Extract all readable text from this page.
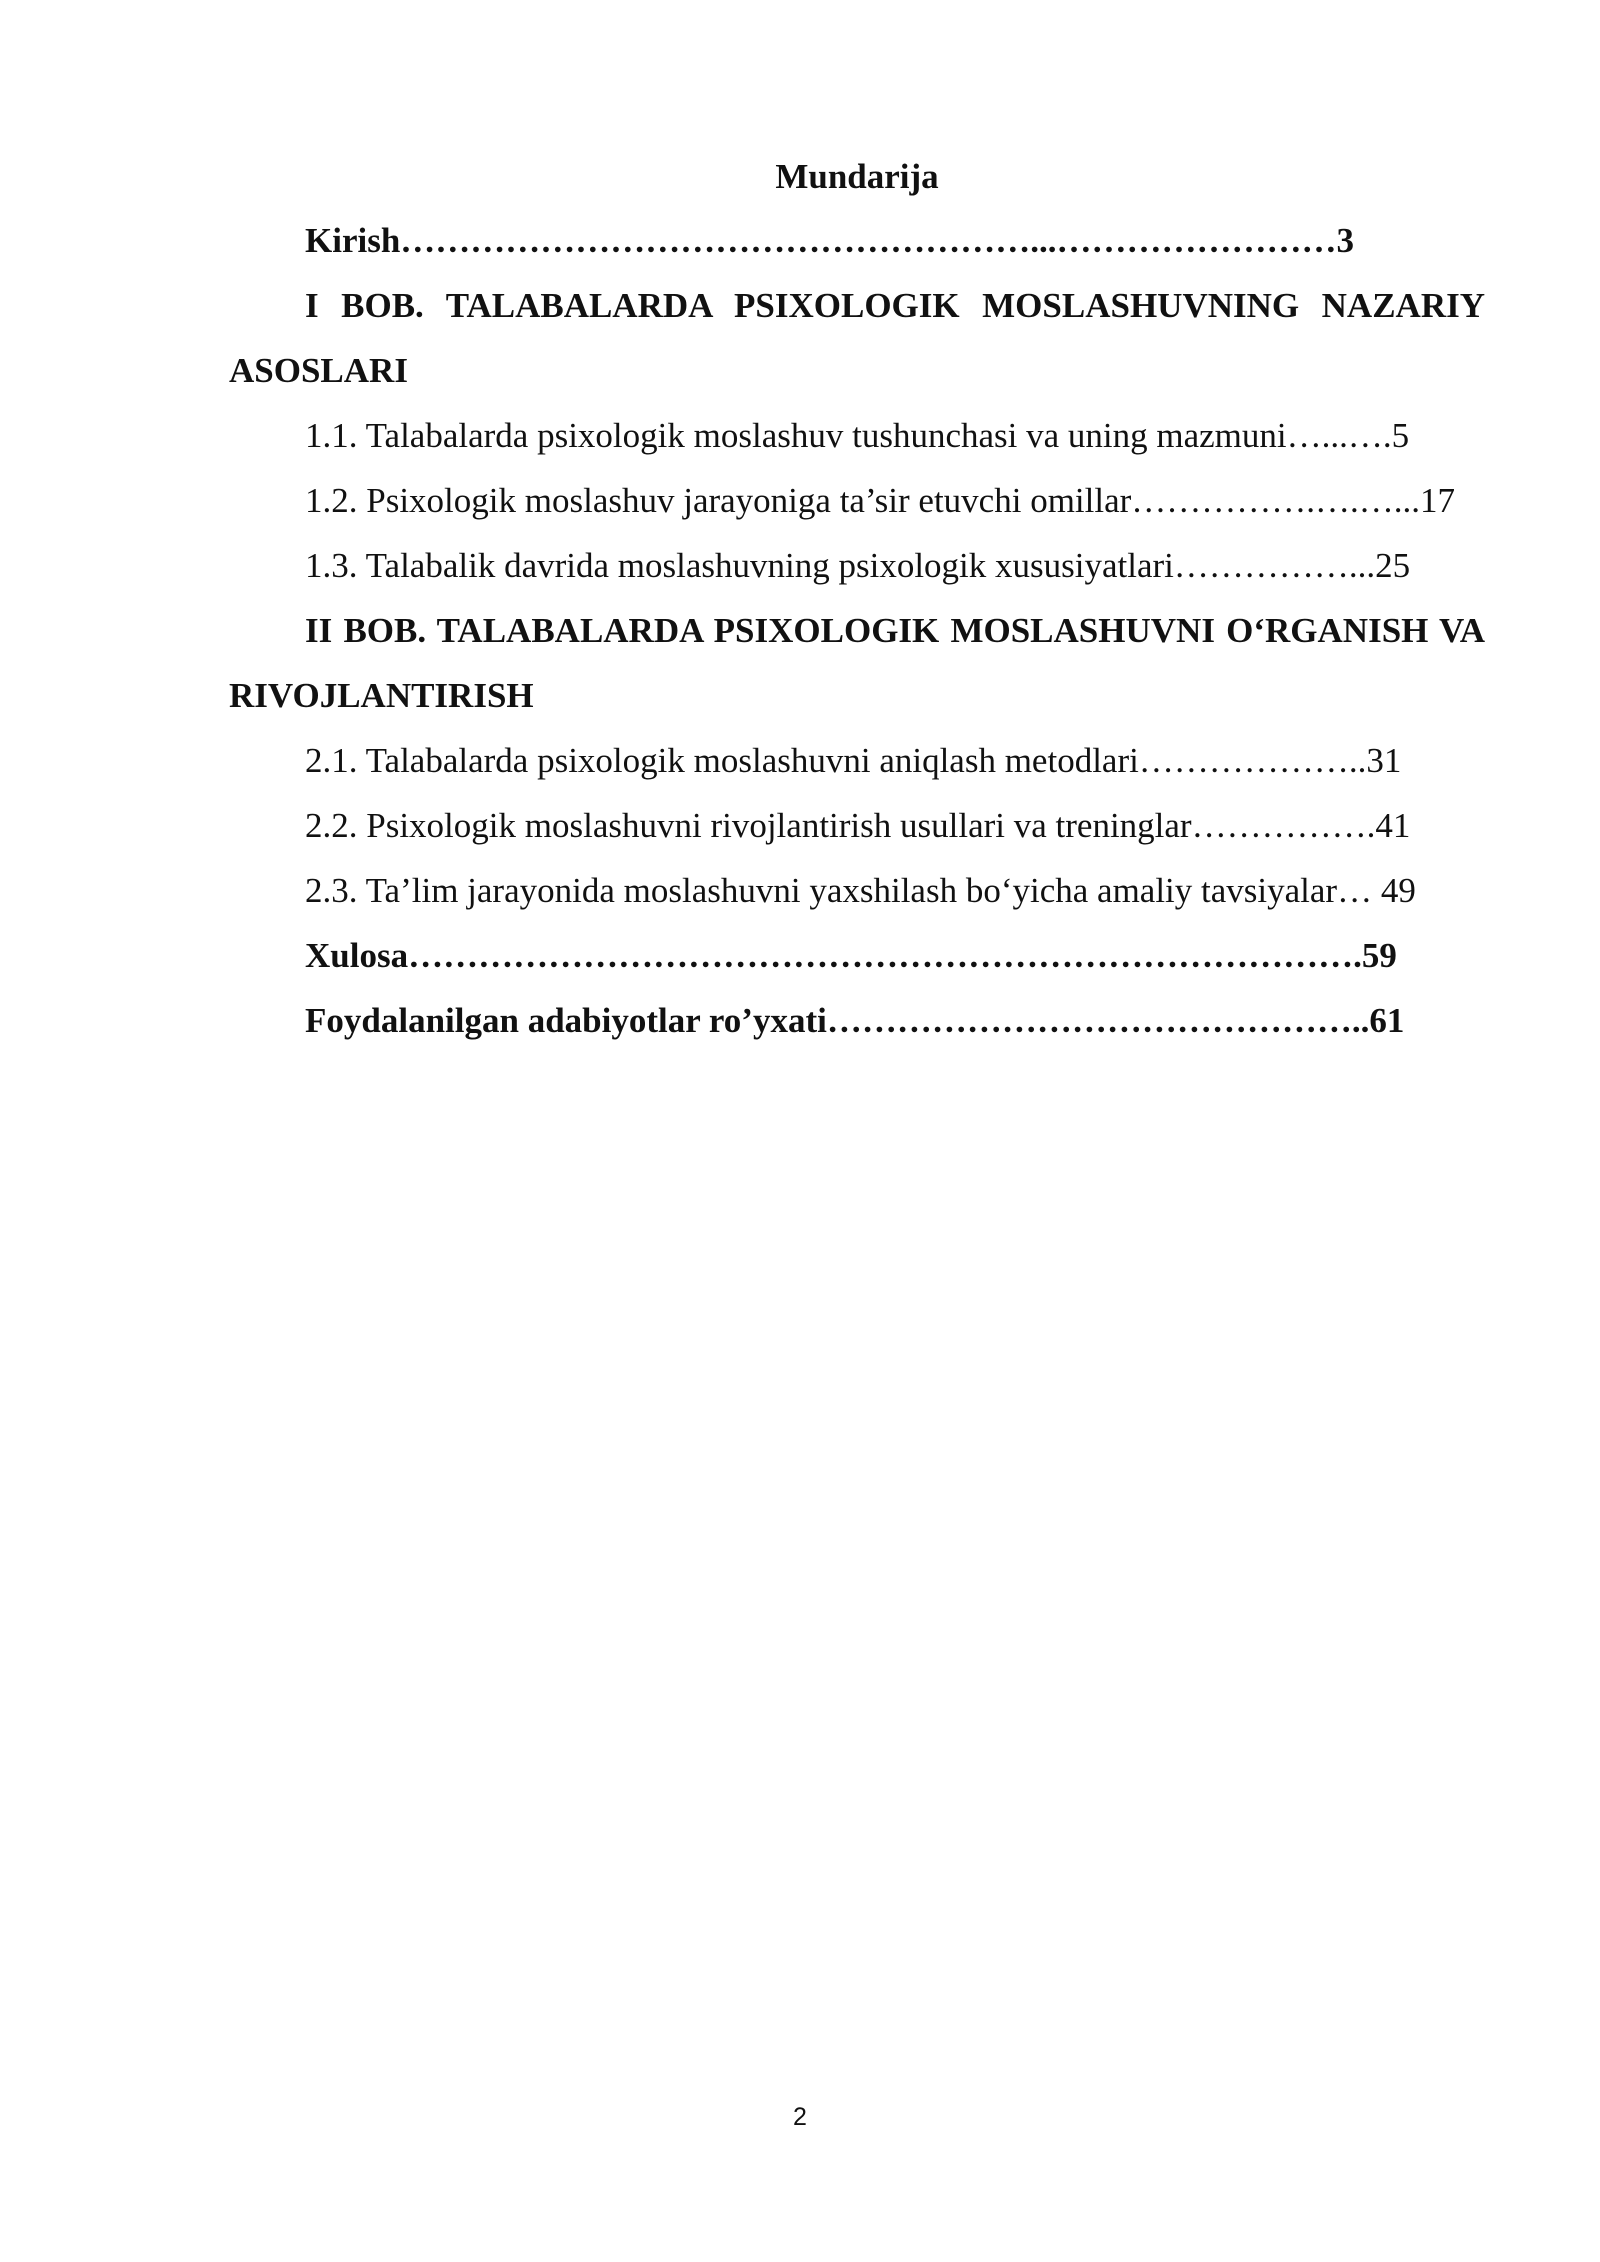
Mundarija

Kirish………………………………………………...……………………3

I BOB. TALABALARDA PSIXOLOGIK MOSLASHUVNING NAZARIY ASOSLARI

1.1. Talabalarda psixologik moslashuv tushunchasi va uning mazmuni…...….5

1.2. Psixologik moslashuv jarayoniga ta’sir etuvchi omillar…………….….…...17

1.3. Talabalik davrida moslashuvning psixologik xususiyatlari……………...25

II BOB. TALABALARDA PSIXOLOGIK MOSLASHUVNI O‘RGANISH VA RIVOJLANTIRISH

2.1. Talabalarda psixologik moslashuvni aniqlash metodlari………………..31

2.2. Psixologik moslashuvni rivojlantirish usullari va treninglar…………….41

2.3. Ta’lim jarayonida moslashuvni yaxshilash bo‘yicha amaliy tavsiyalar… 49

Xulosa……………………………………………………………………….59

Foydalanilgan adabiyotlar ro’yxati………………………………………..61

2
